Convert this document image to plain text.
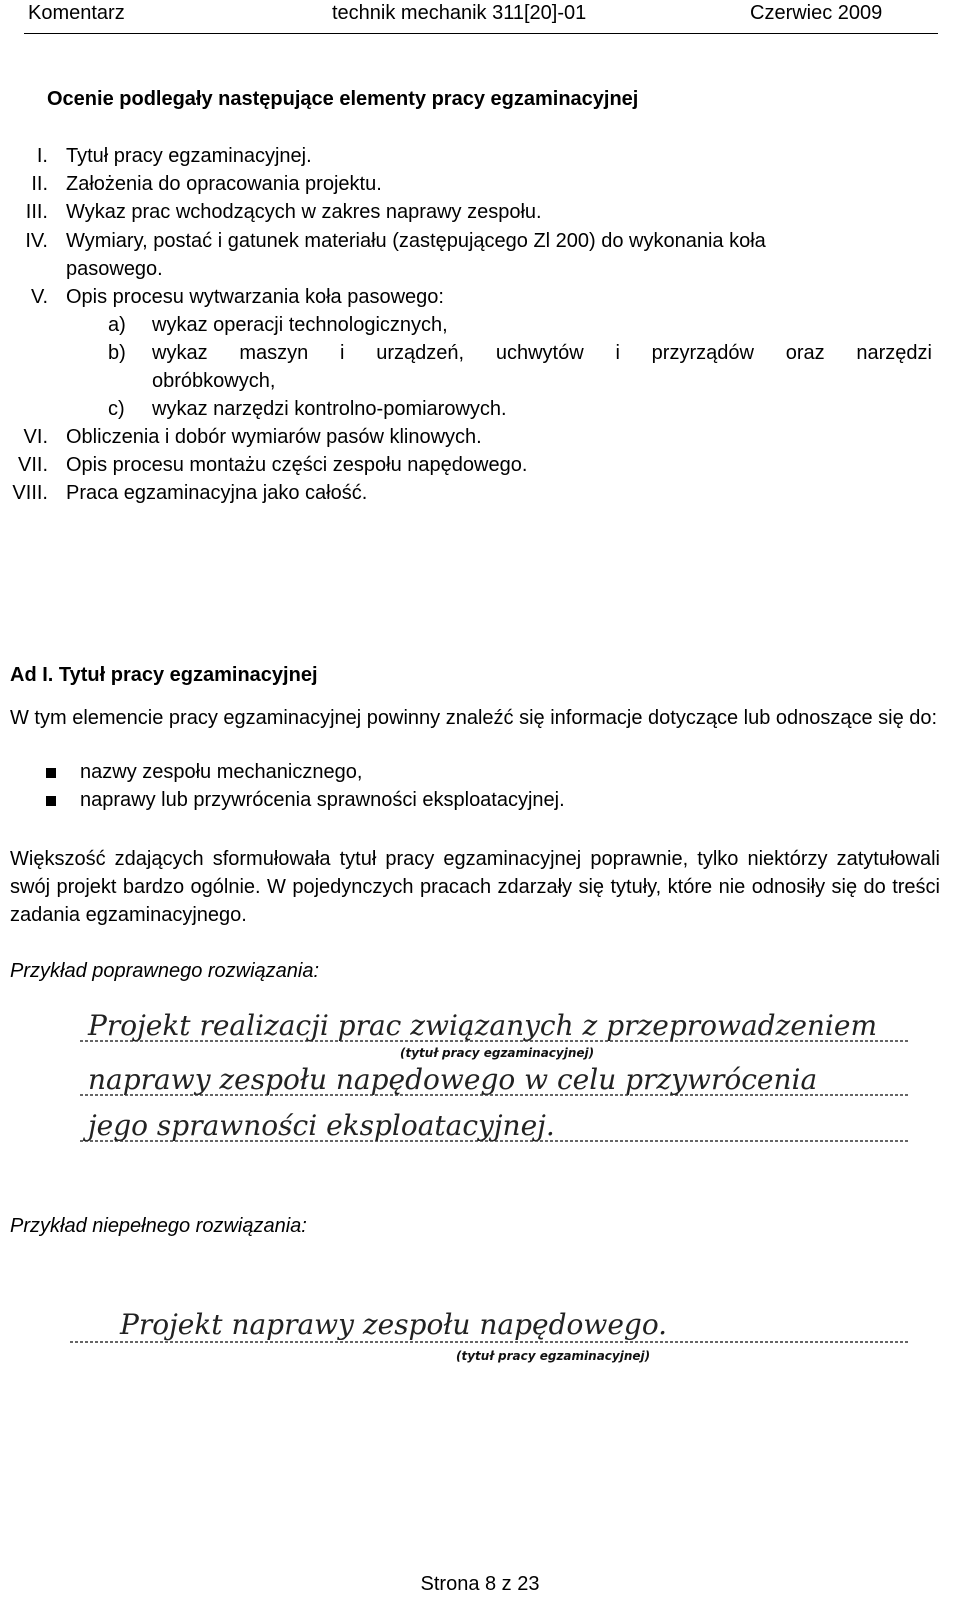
Komentarz	technik mechanik 311[20]-01	Czerwiec 2009
Ocenie podlegały następujące elementy pracy egzaminacyjnej
I. Tytuł pracy egzaminacyjnej.
II. Założenia do opracowania projektu.
III. Wykaz prac wchodzących w zakres naprawy zespołu.
IV. Wymiary, postać i gatunek materiału (zastępującego Zl 200) do wykonania koła
pasowego.
V. Opis procesu wytwarzania koła pasowego:
a) wykaz operacji technologicznych,
b) wykaz maszyn i urządzeń, uchwytów i przyrządów oraz narzędzi
obróbkowych,
c) wykaz narzędzi kontrolno-pomiarowych.
VI. Obliczenia i dobór wymiarów pasów klinowych.
VII. Opis procesu montażu części zespołu napędowego.
VIII. Praca egzaminacyjna jako całość.
Ad I. Tytuł pracy egzaminacyjnej
W tym elemencie pracy egzaminacyjnej powinny znaleźć się informacje dotyczące lub odnoszące się do:
nazwy zespołu mechanicznego,
naprawy lub przywrócenia sprawności eksploatacyjnej.
Większość zdających sformułowała tytuł pracy egzaminacyjnej poprawnie, tylko niektórzy zatytułowali swój projekt bardzo ogólnie. W pojedynczych pracach zdarzały się tytuły, które nie odnosiły się do treści zadania egzaminacyjnego.
Przykład poprawnego rozwiązania:
Projekt realizacji prac związanych z przeprowadzeniem
(tytuł pracy egzaminacyjnej)
naprawy zespołu napędowego w celu przywrócenia
jego sprawności eksploatacyjnej.
Przykład niepełnego rozwiązania:
Projekt naprawy zespołu napędowego.
(tytuł pracy egzaminacyjnej)
Strona 8 z 23
